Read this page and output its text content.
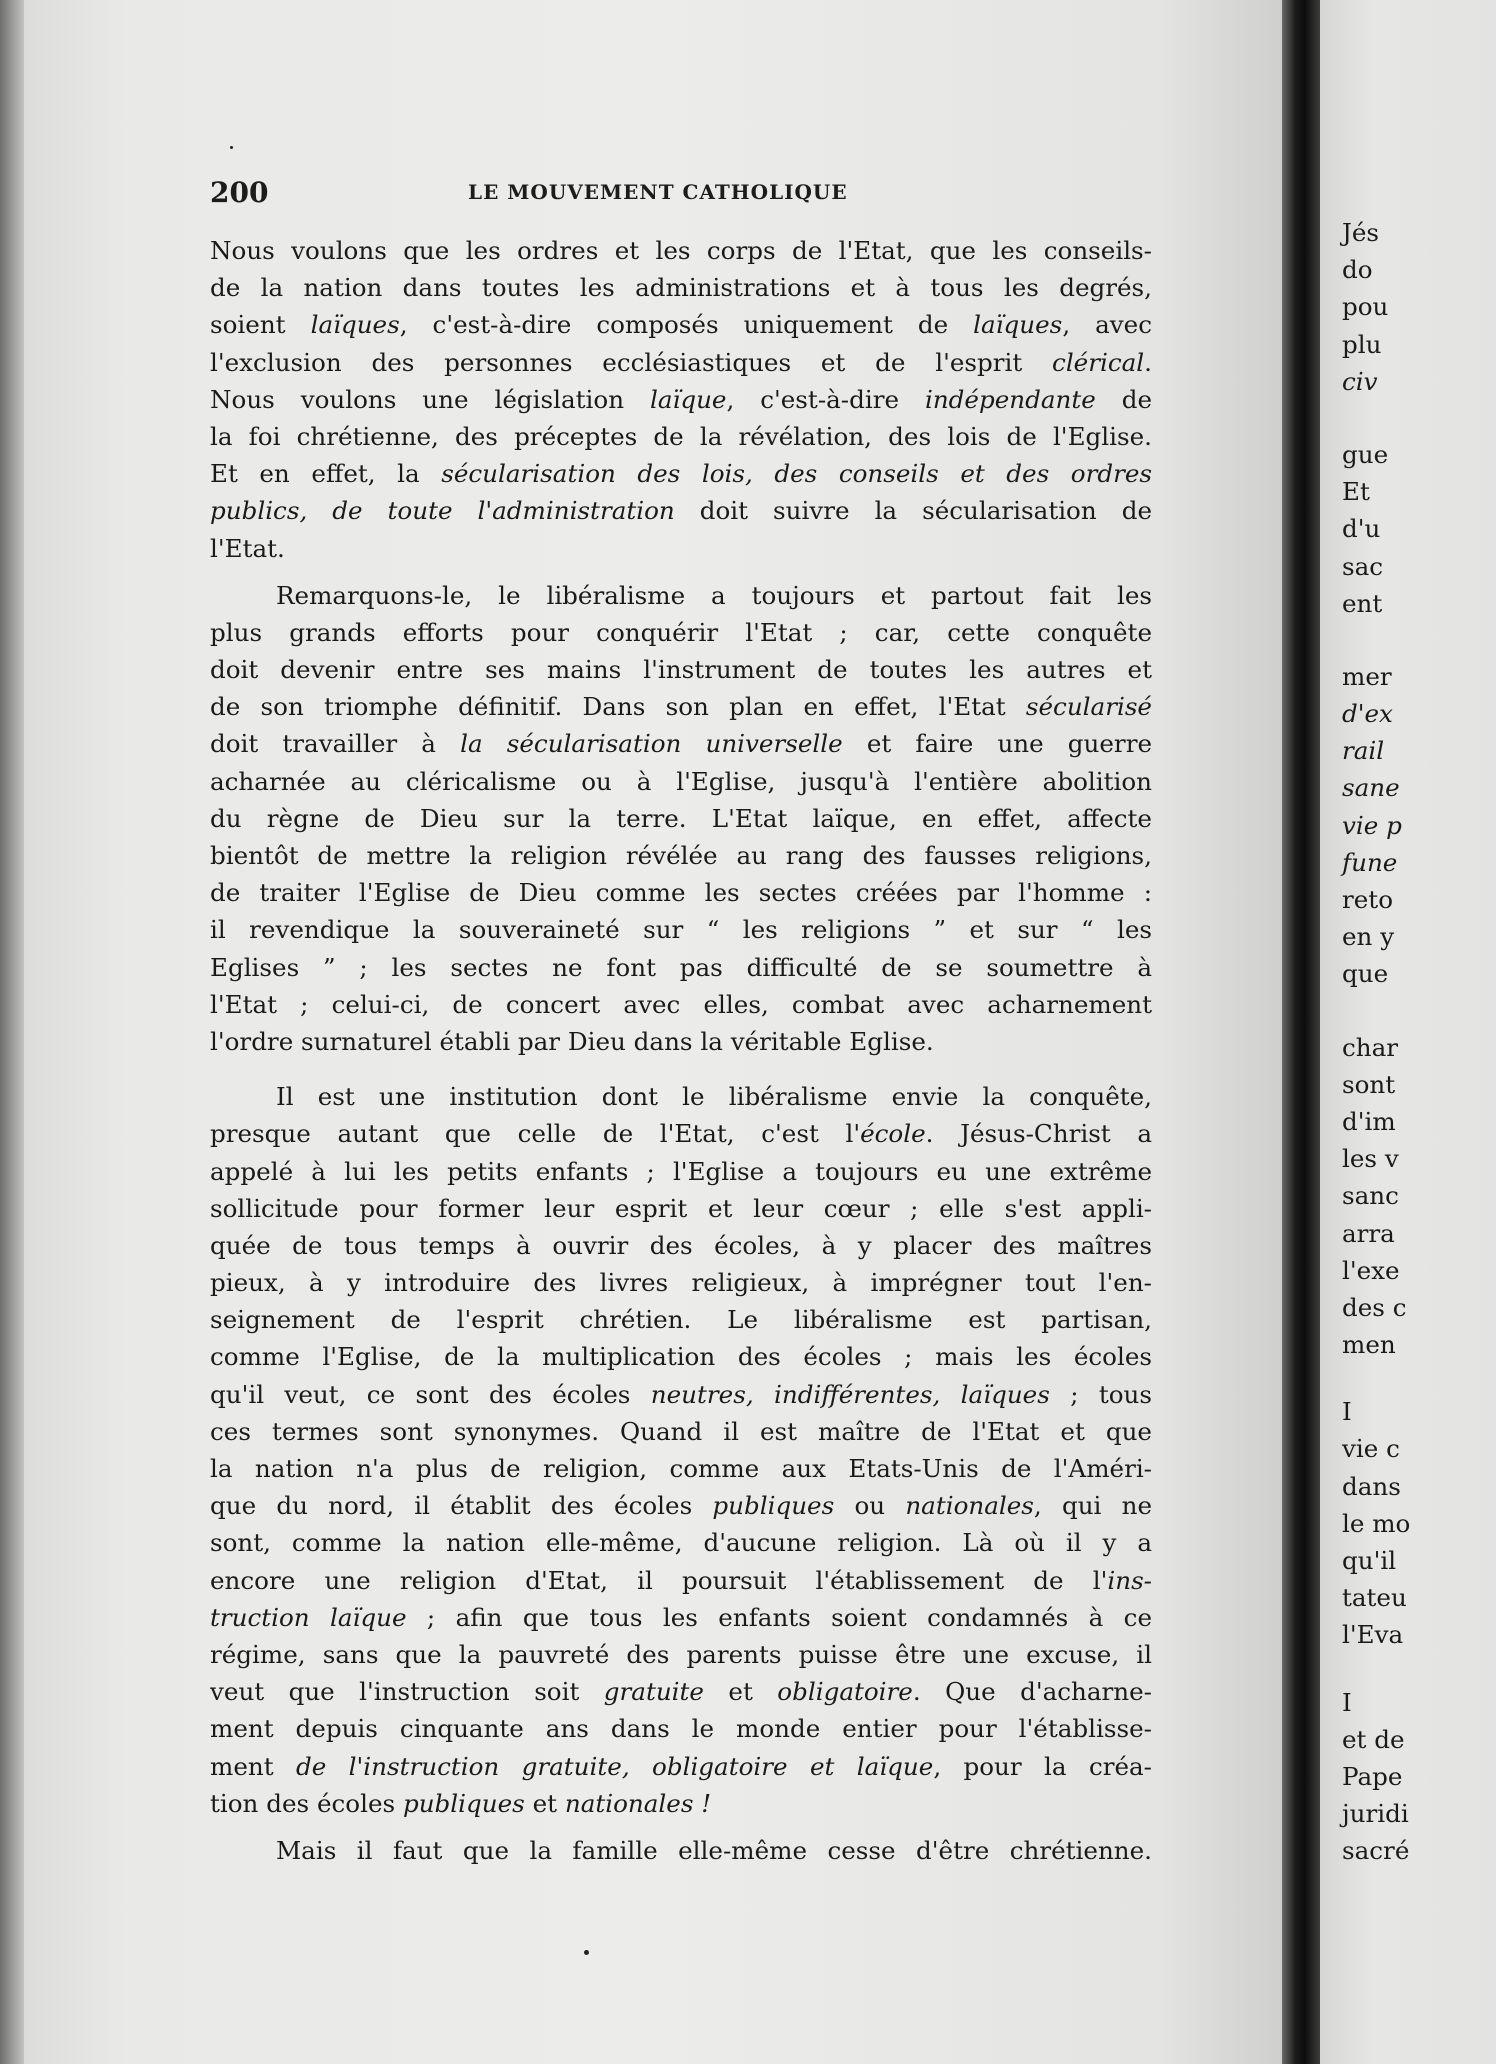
200	LE MOUVEMENT CATHOLIQUE
Nous voulons que les ordres et les corps de l'Etat, que les conseils-
de la nation dans toutes les administrations et à tous les degrés,
soient laïques, c'est-à-dire composés uniquement de laïques, avec
l'exclusion des personnes ecclésiastiques et de l'esprit clérical.
Nous voulons une législation laïque, c'est-à-dire indépendante de
la foi chrétienne, des préceptes de la révélation, des lois de l'Eglise.
Et en effet, la sécularisation des lois, des conseils et des ordres
publics, de toute l'administration doit suivre la sécularisation de
l'Etat.
Remarquons-le, le libéralisme a toujours et partout fait les
plus grands efforts pour conquérir l'Etat ; car, cette conquête
doit devenir entre ses mains l'instrument de toutes les autres et
de son triomphe définitif. Dans son plan en effet, l'Etat sécularisé
doit travailler à la sécularisation universelle et faire une guerre
acharnée au cléricalisme ou à l'Eglise, jusqu'à l'entière abolition
du règne de Dieu sur la terre. L'Etat laïque, en effet, affecte
bientôt de mettre la religion révélée au rang des fausses religions,
de traiter l'Eglise de Dieu comme les sectes créées par l'homme :
il revendique la souveraineté sur “ les religions ” et sur “ les
Eglises ” ; les sectes ne font pas difficulté de se soumettre à
l'Etat ; celui-ci, de concert avec elles, combat avec acharnement
l'ordre surnaturel établi par Dieu dans la véritable Eglise.
Il est une institution dont le libéralisme envie la conquête,
presque autant que celle de l'Etat, c'est l'école. Jésus-Christ a
appelé à lui les petits enfants ; l'Eglise a toujours eu une extrême
sollicitude pour former leur esprit et leur cœur ; elle s'est appli-
quée de tous temps à ouvrir des écoles, à y placer des maîtres
pieux, à y introduire des livres religieux, à imprégner tout l'en-
seignement de l'esprit chrétien. Le libéralisme est partisan,
comme l'Eglise, de la multiplication des écoles ; mais les écoles
qu'il veut, ce sont des écoles neutres, indifférentes, laïques ; tous
ces termes sont synonymes. Quand il est maître de l'Etat et que
la nation n'a plus de religion, comme aux Etats-Unis de l'Améri-
que du nord, il établit des écoles publiques ou nationales, qui ne
sont, comme la nation elle-même, d'aucune religion. Là où il y a
encore une religion d'Etat, il poursuit l'établissement de l'ins-
truction laïque ; afin que tous les enfants soient condamnés à ce
régime, sans que la pauvreté des parents puisse être une excuse, il
veut que l'instruction soit gratuite et obligatoire. Que d'acharne-
ment depuis cinquante ans dans le monde entier pour l'établisse-
ment de l'instruction gratuite, obligatoire et laïque, pour la créa-
tion des écoles publiques et nationales !
Mais il faut que la famille elle-même cesse d'être chrétienne.
Jés
do
pou
plu
civ
gue
Et
d'u
sac
ent
mer
d'ex
rail
sane
vie p
fune
reto
en y
que
char
sont
d'im
les v
sanc
arra
l'exe
des c
men
I
vie c
dans
le mo
qu'il
tateu
l'Eva
I
et de
Pape
juridi
sacré
